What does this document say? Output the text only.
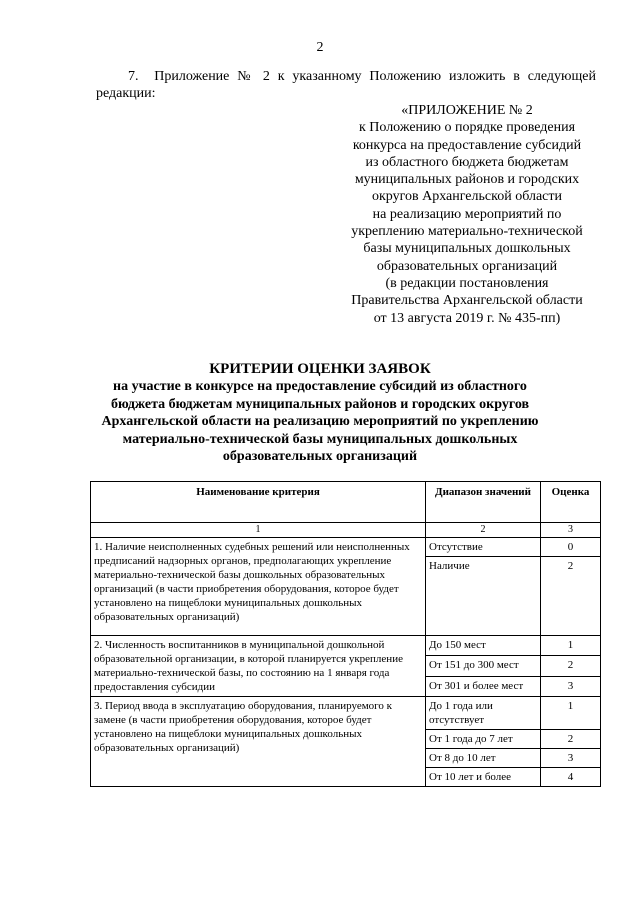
2
7. Приложение № 2 к указанному Положению изложить в следующей редакции:
«ПРИЛОЖЕНИЕ № 2
к Положению о порядке проведения
конкурса на предоставление субсидий
из областного бюджета бюджетам
муниципальных районов и городских
округов Архангельской области
на реализацию мероприятий по
укреплению материально-технической
базы муниципальных дошкольных
образовательных организаций
(в редакции постановления
Правительства Архангельской области
от 13 августа 2019 г. № 435-пп)
КРИТЕРИИ ОЦЕНКИ ЗАЯВОК
на участие в конкурсе на предоставление субсидий из областного
бюджета бюджетам муниципальных районов и городских округов
Архангельской области на реализацию мероприятий по укреплению
материально-технической базы муниципальных дошкольных
образовательных организаций
Наименование критерия	Диапазон значений	Оценка
1	2	3
1. Наличие неисполненных судебных решений или неисполненных предписаний надзорных органов, предполагающих укрепление материально-технической базы дошкольных образовательных организаций (в части приобретения оборудования, которое будет установлено на пищеблоки муниципальных дошкольных образовательных организаций)	Отсутствие	0
	Наличие	2
2. Численность воспитанников в муниципальной дошкольной образовательной организации, в которой планируется укрепление материально-технической базы, по состоянию на 1 января года предоставления субсидии	До 150 мест	1
	От 151 до 300 мест	2
	От 301 и более мест	3
3. Период ввода в эксплуатацию оборудования, планируемого к замене (в части приобретения оборудования, которое будет установлено на пищеблоки муниципальных дошкольных образовательных организаций)	До 1 года или отсутствует	1
	От 1 года до 7 лет	2
	От 8 до 10 лет	3
	От 10 лет и более	4
